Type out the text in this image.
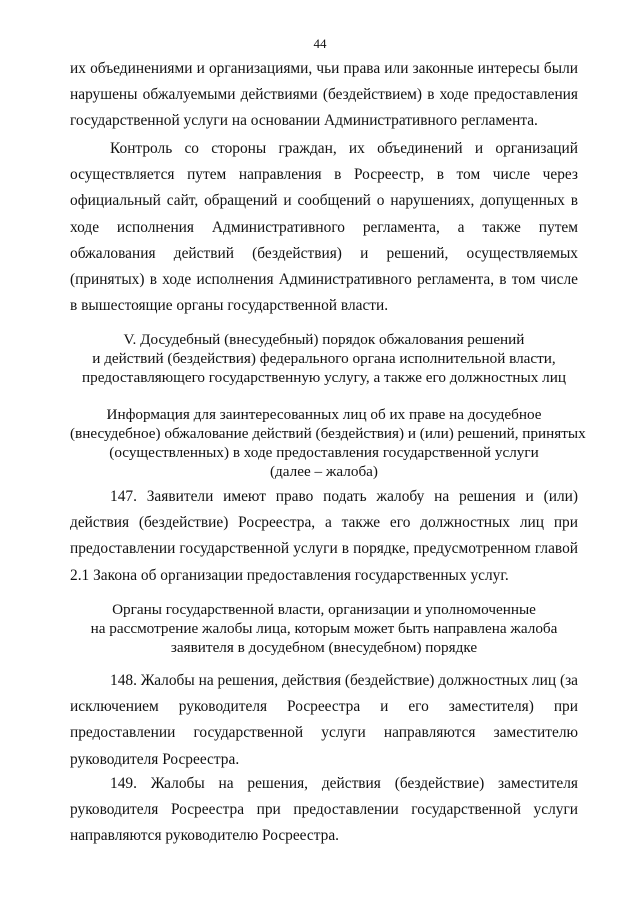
44

их объединениями и организациями, чьи права или законные интересы были нарушены обжалуемыми действиями (бездействием) в ходе предоставления государственной услуги на основании Административного регламента.

Контроль со стороны граждан, их объединений и организаций осуществляется путем направления в Росреестр, в том числе через официальный сайт, обращений и сообщений о нарушениях, допущенных в ходе исполнения Административного регламента, а также путем обжалования действий (бездействия) и решений, осуществляемых (принятых) в ходе исполнения Административного регламента, в том числе в вышестоящие органы государственной власти.

V. Досудебный (внесудебный) порядок обжалования решений
и действий (бездействия) федерального органа исполнительной власти,
предоставляющего государственную услугу, а также его должностных лиц
Информация для заинтересованных лиц об их праве на досудебное
(внесудебное) обжалование действий (бездействия) и (или) решений, принятых
(осуществленных) в ходе предоставления государственной услуги
(далее – жалоба)

147. Заявители имеют право подать жалобу на решения и (или) действия (бездействие) Росреестра, а также его должностных лиц при предоставлении государственной услуги в порядке, предусмотренном главой 2.1 Закона об организации предоставления государственных услуг.

Органы государственной власти, организации и уполномоченные
на рассмотрение жалобы лица, которым может быть направлена жалоба
заявителя в досудебном (внесудебном) порядке

148. Жалобы на решения, действия (бездействие) должностных лиц (за исключением руководителя Росреестра и его заместителя) при предоставлении государственной услуги направляются заместителю руководителя Росреестра.

149. Жалобы на решения, действия (бездействие) заместителя руководителя Росреестра при предоставлении государственной услуги направляются руководителю Росреестра.
